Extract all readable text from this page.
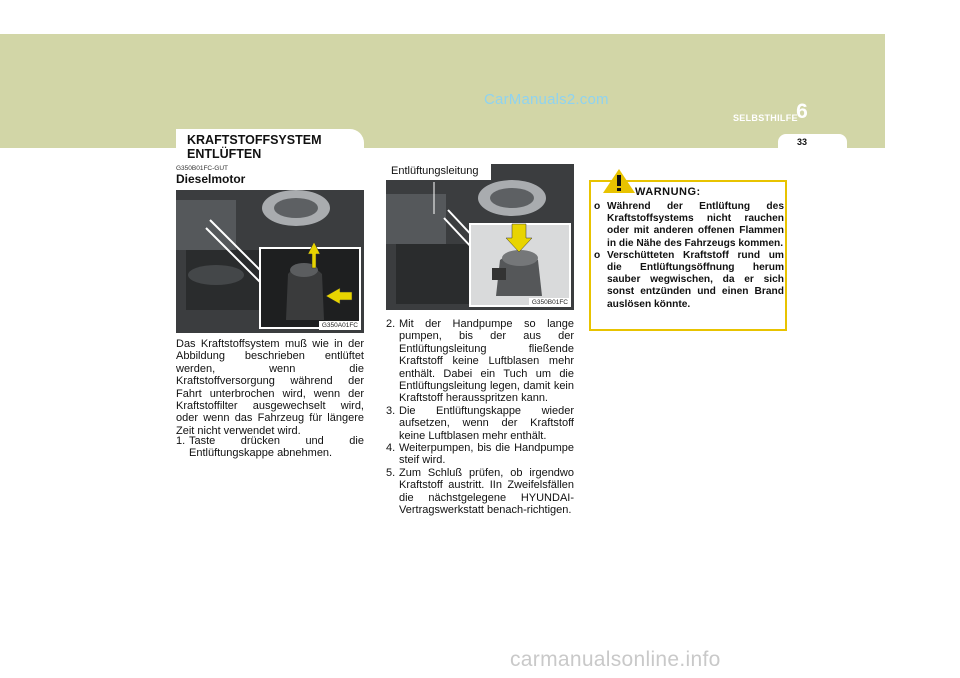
CarManuals2.com
SELBSTHILFE
6
33
KRAFTSTOFFSYSTEM ENTLÜFTEN
G350B01FC-GUT
Dieselmotor
G350A01FC
Das Kraftstoffsystem muß wie in der Abbildung beschrieben entlüftet werden, wenn die Kraftstoffversorgung während der Fahrt unterbrochen wird, wenn der Kraftstoffilter ausgewechselt wird, oder wenn das Fahrzeug für längere Zeit nicht verwendet wird.
1. Taste drücken und die Entlüftungskappe abnehmen.
G350B01FC
Entlüftungsleitung
2. Mit der Handpumpe so lange pumpen, bis der aus der Entlüftungsleitung fließende Kraftstoff keine Luftblasen mehr enthält. Dabei ein Tuch um die Entlüftungsleitung legen, damit kein Kraftstoff herausspritzen kann.
3. Die Entlüftungskappe wieder aufsetzen, wenn der Kraftstoff keine Luftblasen mehr enthält.
4. Weiterpumpen, bis die Handpumpe steif wird.
5. Zum Schluß prüfen, ob irgendwo Kraftstoff austritt. IIn Zweifelsfällen die nächstgelegene HYUNDAI-Vertragswerkstatt benach-richtigen.
WARNUNG:
o Während der Entlüftung des Kraftstoffsystems nicht rauchen oder mit anderen offenen Flammen in die Nähe des Fahrzeugs kommen.
o Verschütteten Kraftstoff rund um die Entlüftungsöffnung herum sauber wegwischen, da er sich sonst entzünden und einen Brand auslösen könnte.
carmanualsonline.info
